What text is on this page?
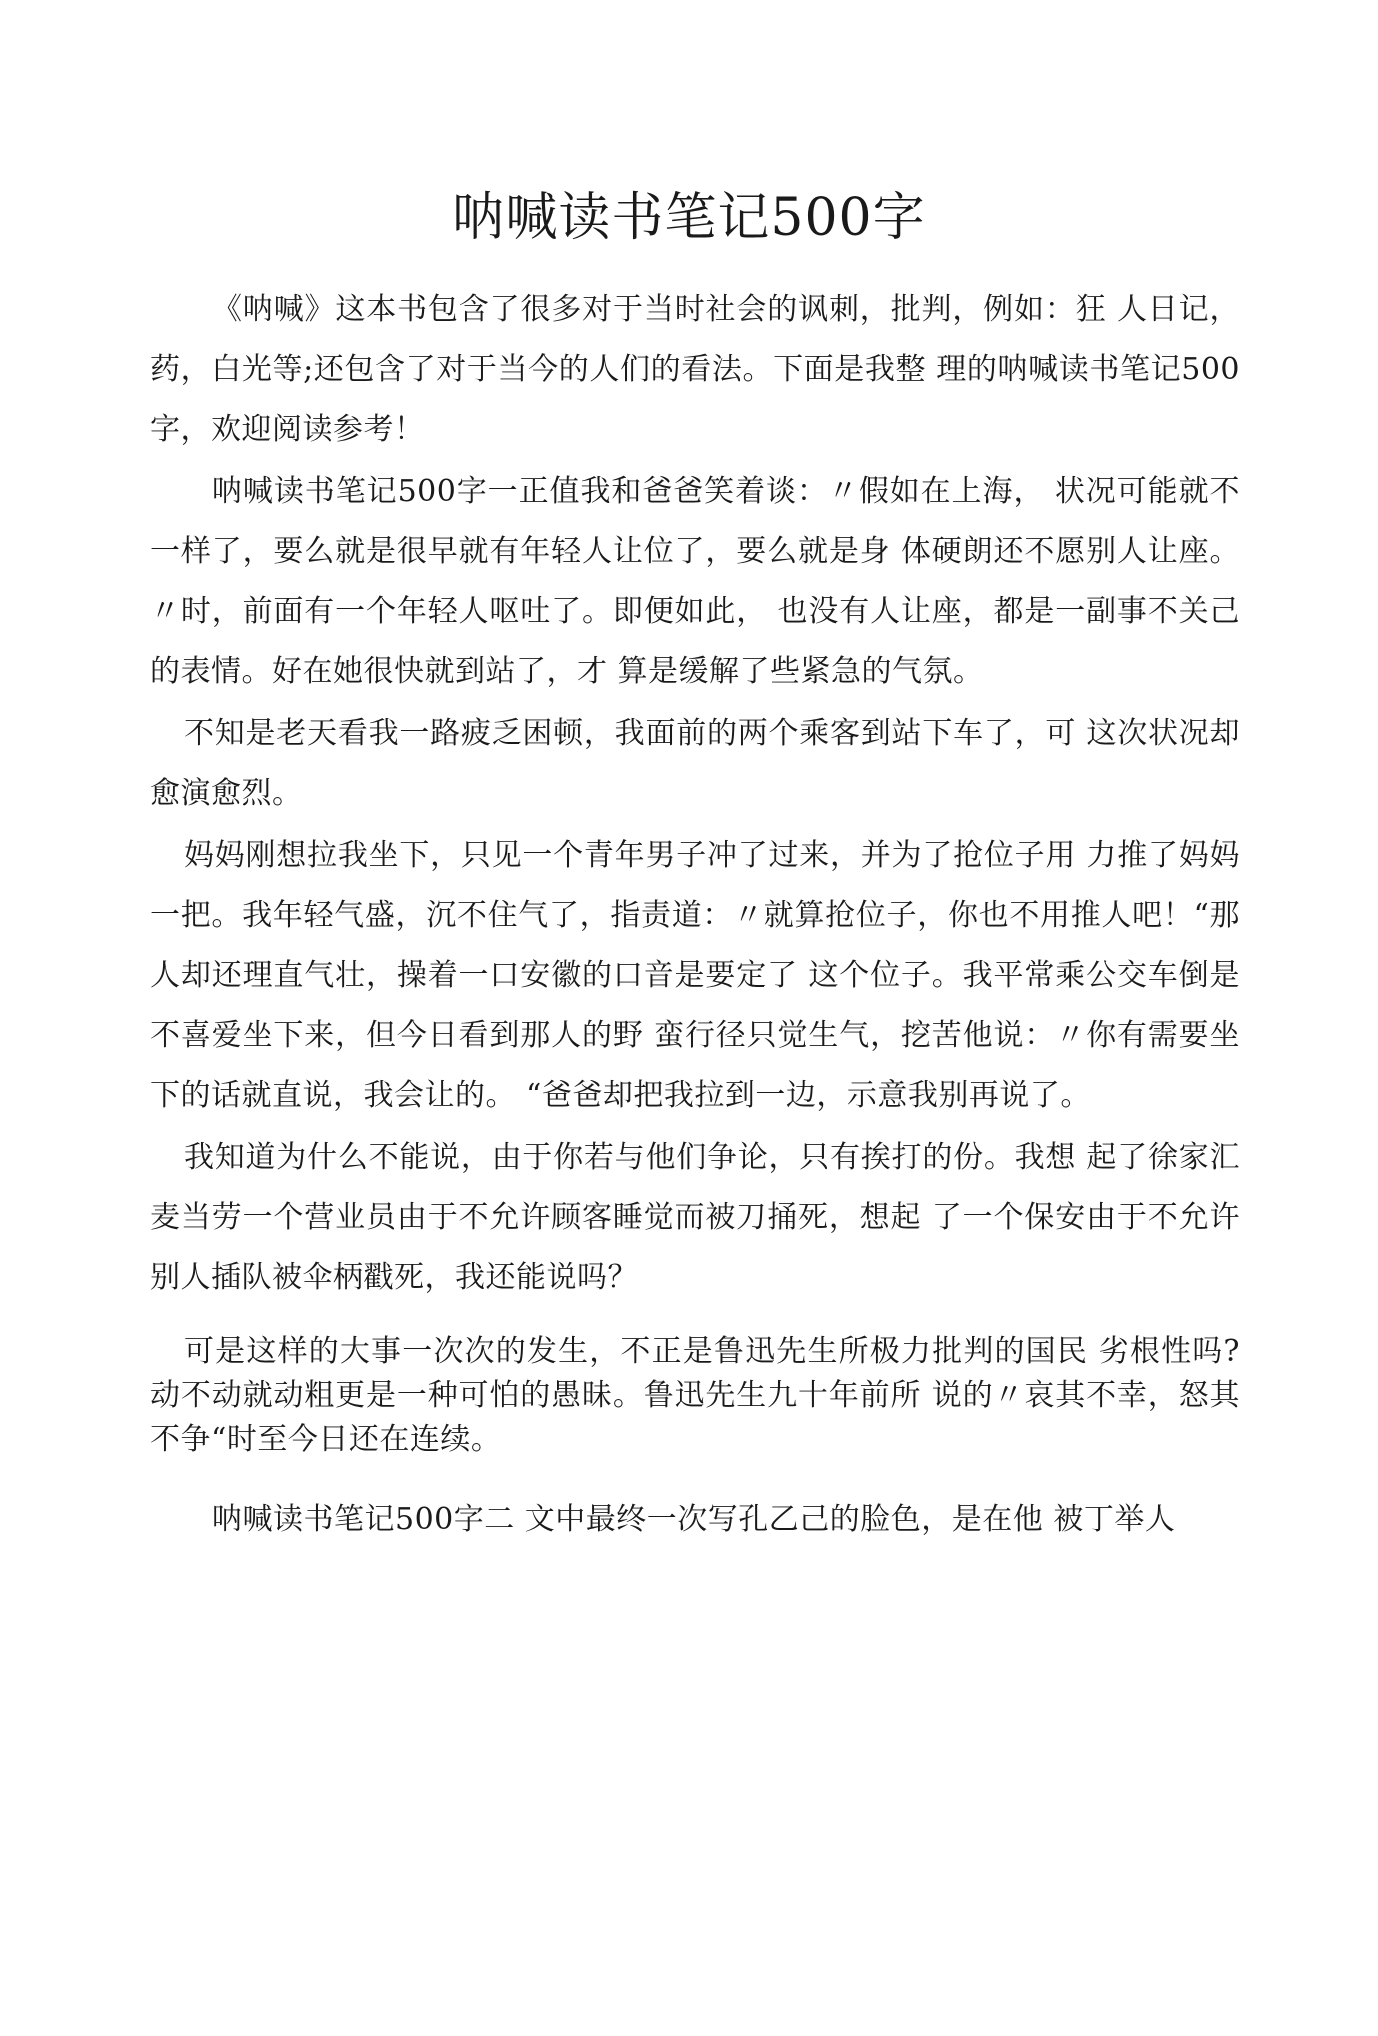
呐喊读书笔记500字

《呐喊》这本书包含了很多对于当时社会的讽刺，批判，例如：狂 人日记，药，白光等;还包含了对于当今的人们的看法。下面是我整 理的呐喊读书笔记500字，欢迎阅读参考！

呐喊读书笔记500字一正值我和爸爸笑着谈：〃假如在上海， 状况可能就不一样了，要么就是很早就有年轻人让位了，要么就是身 体硬朗还不愿别人让座。〃时，前面有一个年轻人呕吐了。即便如此， 也没有人让座，都是一副事不关己的表情。好在她很快就到站了，才 算是缓解了些紧急的气氛。

不知是老天看我一路疲乏困顿，我面前的两个乘客到站下车了，可 这次状况却愈演愈烈。

妈妈刚想拉我坐下，只见一个青年男子冲了过来，并为了抢位子用 力推了妈妈一把。我年轻气盛，沉不住气了，指责道：〃就算抢位子，你也不用推人吧！“那人却还理直气壮，操着一口安徽的口音是要定了 这个位子。我平常乘公交车倒是不喜爱坐下来，但今日看到那人的野 蛮行径只觉生气，挖苦他说：〃你有需要坐下的话就直说，我会让的。 “爸爸却把我拉到一边，示意我别再说了。

我知道为什么不能说，由于你若与他们争论，只有挨打的份。我想 起了徐家汇麦当劳一个营业员由于不允许顾客睡觉而被刀捅死，想起 了一个保安由于不允许别人插队被伞柄戳死，我还能说吗？

可是这样的大事一次次的发生，不正是鲁迅先生所极力批判的国民 劣根性吗?动不动就动粗更是一种可怕的愚昧。鲁迅先生九十年前所 说的〃哀其不幸，怒其不争“时至今日还在连续。

呐喊读书笔记500字二 文中最终一次写孔乙己的脸色，是在他 被丁举人
